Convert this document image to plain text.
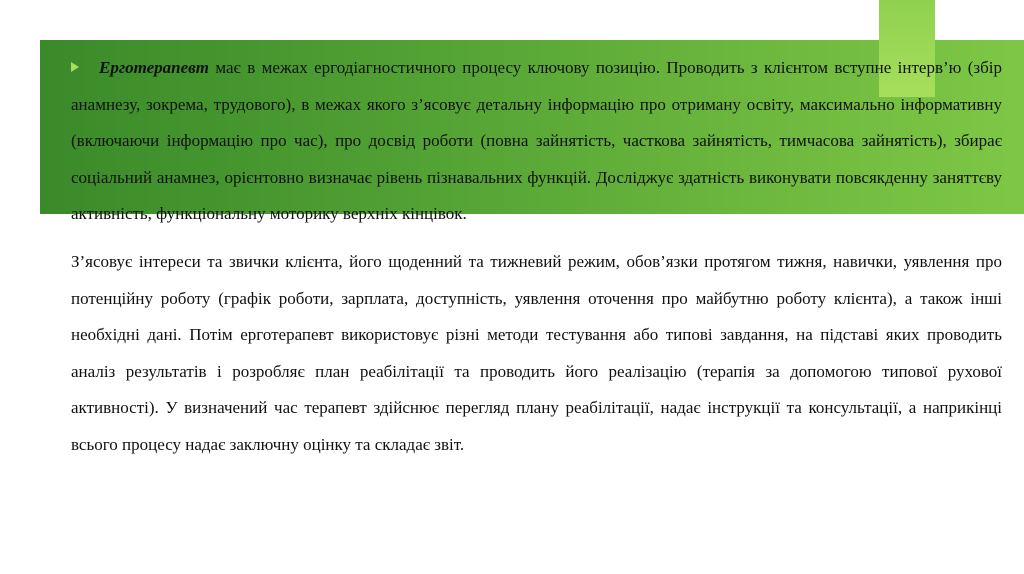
Ерготерапевт має в межах ергодіагностичного процесу ключову позицію. Проводить з клієнтом вступне інтерв’ю (збір анамнезу, зокрема, трудового), в межах якого з’ясовує детальну інформацію про отриману освіту, максимально інформативну (включаючи інформацію про час), про досвід роботи (повна зайнятість, часткова зайнятість, тимчасова зайнятість), збирає соціальний анамнез, орієнтовно визначає рівень пізнавальних функцій. Досліджує здатність виконувати повсякденну заняттєву активність, функціональну моторику верхніх кінцівок.

З’ясовує інтереси та звички клієнта, його щоденний та тижневий режим, обов’язки протягом тижня, навички, уявлення про потенційну роботу (графік роботи, зарплата, доступність, уявлення оточення про майбутню роботу клієнта), а також інші необхідні дані. Потім ерготерапевт використовує різні методи тестування або типові завдання, на підставі яких проводить аналіз результатів і розробляє план реабілітації та проводить його реалізацію (терапія за допомогою типової рухової активності). У визначений час терапевт здійснює перегляд плану реабілітації, надає інструкції та консультації, а наприкінці всього процесу надає заключну оцінку та складає звіт.
